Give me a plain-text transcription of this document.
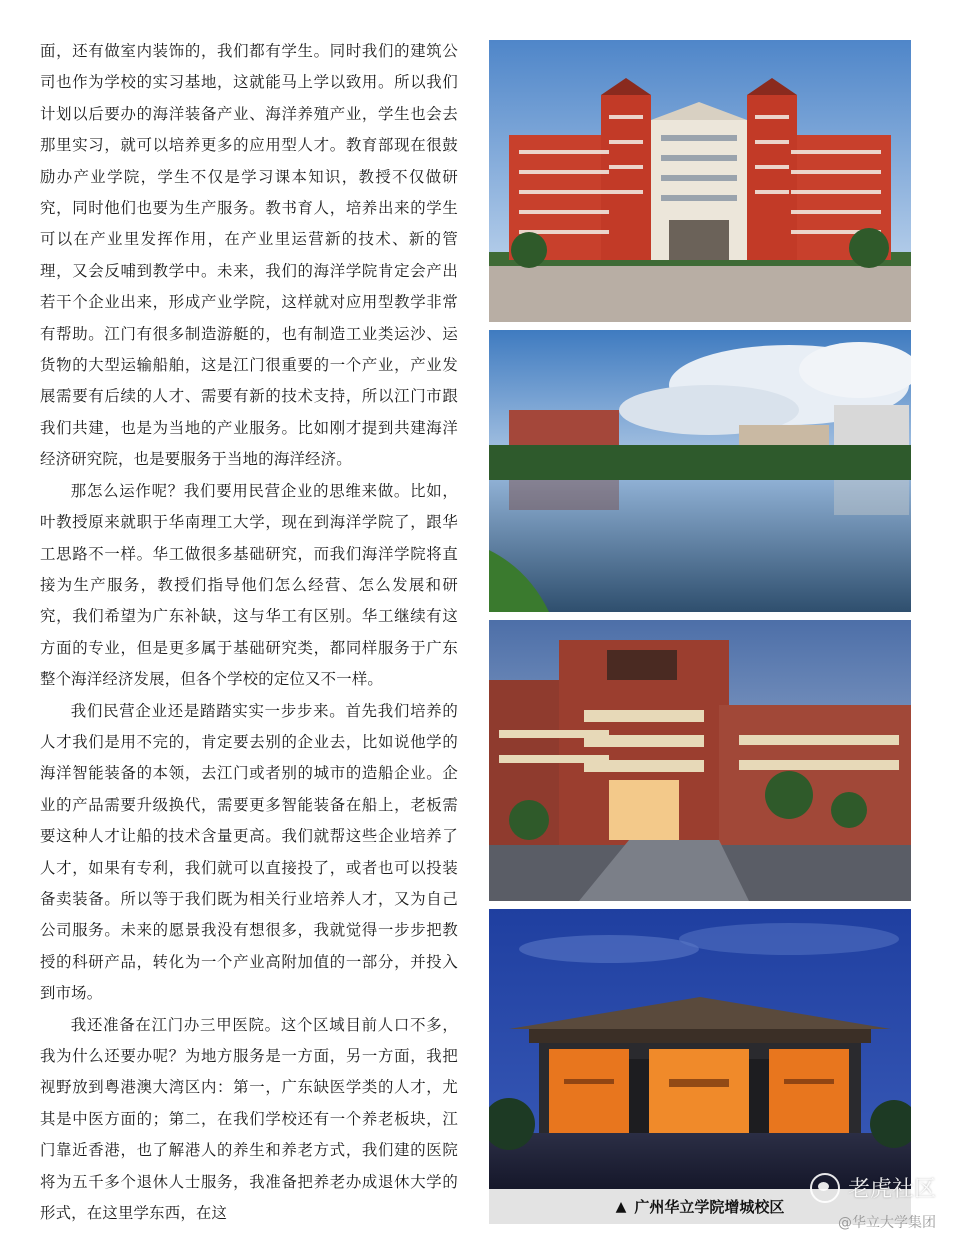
面，还有做室内装饰的，我们都有学生。同时我们的建筑公司也作为学校的实习基地，这就能马上学以致用。所以我们计划以后要办的海洋装备产业、海洋养殖产业，学生也会去那里实习，就可以培养更多的应用型人才。教育部现在很鼓励办产业学院，学生不仅是学习课本知识，教授不仅做研究，同时他们也要为生产服务。教书育人，培养出来的学生可以在产业里发挥作用，在产业里运营新的技术、新的管理，又会反哺到教学中。未来，我们的海洋学院肯定会产出若干个企业出来，形成产业学院，这样就对应用型教学非常有帮助。江门有很多制造游艇的，也有制造工业类运沙、运货物的大型运输船舶，这是江门很重要的一个产业，产业发展需要有后续的人才、需要有新的技术支持，所以江门市跟我们共建，也是为当地的产业服务。比如刚才提到共建海洋经济研究院，也是要服务于当地的海洋经济。

那怎么运作呢？我们要用民营企业的思维来做。比如，叶教授原来就职于华南理工大学，现在到海洋学院了，跟华工思路不一样。华工做很多基础研究，而我们海洋学院将直接为生产服务，教授们指导他们怎么经营、怎么发展和研究，我们希望为广东补缺，这与华工有区别。华工继续有这方面的专业，但是更多属于基础研究类，都同样服务于广东整个海洋经济发展，但各个学校的定位又不一样。

我们民营企业还是踏踏实实一步步来。首先我们培养的人才我们是用不完的，肯定要去别的企业去，比如说他学的海洋智能装备的本领，去江门或者别的城市的造船企业。企业的产品需要升级换代，需要更多智能装备在船上，老板需要这种人才让船的技术含量更高。我们就帮这些企业培养了人才，如果有专利，我们就可以直接投了，或者也可以投装备卖装备。所以等于我们既为相关行业培养人才，又为自己公司服务。未来的愿景我没有想很多，我就觉得一步步把教授的科研产品，转化为一个产业高附加值的一部分，并投入到市场。

我还准备在江门办三甲医院。这个区域目前人口不多，我为什么还要办呢？为地方服务是一方面，另一方面，我把视野放到粤港澳大湾区内：第一，广东缺医学类的人才，尤其是中医方面的；第二，在我们学校还有一个养老板块，江门靠近香港，也了解港人的养生和养老方式，我们建的医院将为五千多个退休人士服务，我准备把养老办成退休大学的形式，在这里学东西，在这	▲ 广州华立学院增城校区
老虎社区
@华立大学集团
